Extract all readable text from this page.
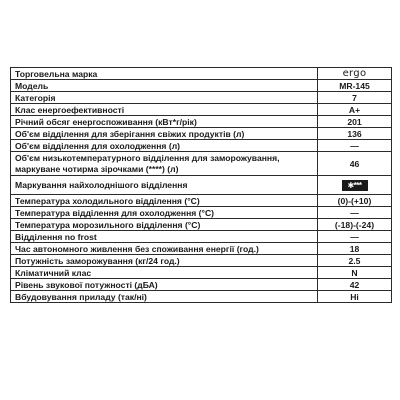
Торговельна марка	ergo
Модель	MR-145
Категорія	7
Клас енергоефективності	A+
Річний обсяг енергоспоживання (кВт*г/рік)	201
Об'єм відділення для зберігання свіжих продуктів (л)	136
Об'єм відділення для охолодження (л)	—
Об'єм низькотемпературного відділення для заморожування, маркуване чотирма зірочками (****) (л)	46
Маркування найхолоднішого відділення	✱***
Температура холодильного відділення (°C)	(0)-(+10)
Температура відділення для охолодження (°C)	—
Температура морозильного відділення (°C)	(-18)-(-24)
Відділення no frost	—
Час автономного живлення без споживання енергії (год.)	18
Потужність заморожування (кг/24 год.)	2.5
Кліматичний клас	N
Рівень звукової потужності (дБА)	42
Вбудовування приладу (так/ні)	Ні
